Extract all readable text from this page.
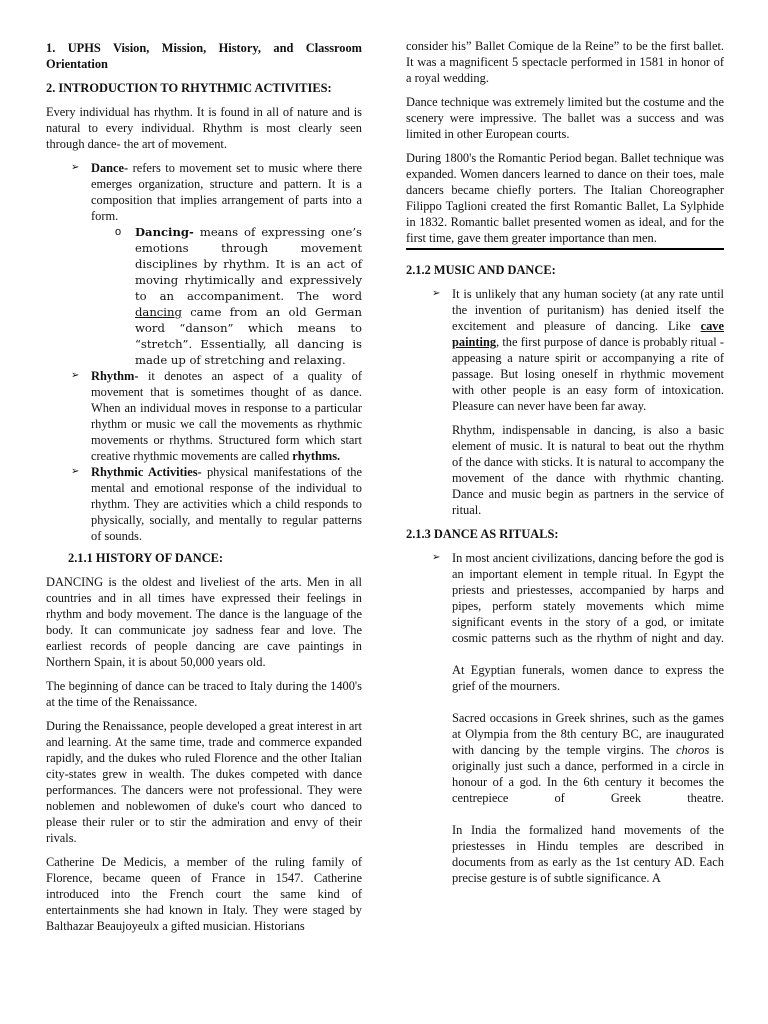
1. UPHS Vision, Mission, History, and Classroom Orientation
2. INTRODUCTION TO RHYTHMIC ACTIVITIES:

Every individual has rhythm. It is found in all of nature and is natural to every individual. Rhythm is most clearly seen through dance- the art of movement.

➢ Dance- refers to movement set to music where there emerges organization, structure and pattern. It is a composition that implies arrangement of parts into a form.
o Dancing- means of expressing one’s emotions through movement disciplines by rhythm. It is an act of moving rhytimically and expressively to an accompaniment. The word dancing came from an old German word “danson” which means to “stretch”. Essentially, all dancing is made up of stretching and relaxing.
➢ Rhythm- it denotes an aspect of a quality of movement that is sometimes thought of as dance. When an individual moves in response to a particular rhythm or music we call the movements as rhythmic movements or rhythms. Structured form which start creative rhythmic movements are called rhythms.
➢ Rhythmic Activities- physical manifestations of the mental and emotional response of the individual to rhythm. They are activities which a child responds to physically, socially, and mentally to regular patterns of sounds.
2.1.1 HISTORY OF DANCE:

DANCING is the oldest and liveliest of the arts. Men in all countries and in all times have expressed their feelings in rhythm and body movement. The dance is the language of the body. It can communicate joy sadness fear and love. The earliest records of people dancing are cave paintings in Northern Spain, it is about 50,000 years old.

The beginning of dance can be traced to Italy during the 1400's at the time of the Renaissance.

During the Renaissance, people developed a great interest in art and learning. At the same time, trade and commerce expanded rapidly, and the dukes who ruled Florence and the other Italian city-states grew in wealth. The dukes competed with dance performances. The dancers were not professional. They were noblemen and noblewomen of duke's court who danced to please their ruler or to stir the admiration and envy of their rivals.

Catherine De Medicis, a member of the ruling family of Florence, became queen of France in 1547. Catherine introduced into the French court the same kind of entertainments she had known in Italy. They were staged by Balthazar Beaujoyeulx a gifted musician. Historians

consider his” Ballet Comique de la Reine” to be the first ballet. It was a magnificent 5 spectacle performed in 1581 in honor of a royal wedding.

Dance technique was extremely limited but the costume and the scenery were impressive. The ballet was a success and was limited in other European courts.

During 1800's the Romantic Period began. Ballet technique was expanded. Women dancers learned to dance on their toes, male dancers became chiefly porters. The Italian Choreographer Filippo Taglioni created the first Romantic Ballet, La Sylphide in 1832. Romantic ballet presented women as ideal, and for the first time, gave them greater importance than men.

2.1.2 MUSIC AND DANCE:
➢ It is unlikely that any human society (at any rate until the invention of puritanism) has denied itself the excitement and pleasure of dancing. Like cave painting, the first purpose of dance is probably ritual - appeasing a nature spirit or accompanying a rite of passage. But losing oneself in rhythmic movement with other people is an easy form of intoxication. Pleasure can never have been far away.

Rhythm, indispensable in dancing, is also a basic element of music. It is natural to beat out the rhythm of the dance with sticks. It is natural to accompany the movement of the dance with rhythmic chanting. Dance and music begin as partners in the service of ritual.

2.1.3 DANCE AS RITUALS:

➢ In most ancient civilizations, dancing before the god is an important element in temple ritual. In Egypt the priests and priestesses, accompanied by harps and pipes, perform stately movements which mime significant events in the story of a god, or imitate cosmic patterns such as the rhythm of night and day.

At Egyptian funerals, women dance to express the grief of the mourners.

Sacred occasions in Greek shrines, such as the games at Olympia from the 8th century BC, are inaugurated with dancing by the temple virgins. The choros is originally just such a dance, performed in a circle in honour of a god. In the 6th century it becomes the centrepiece of Greek theatre.

In India the formalized hand movements of the priestesses in Hindu temples are described in documents from as early as the 1st century AD. Each precise gesture is of subtle significance. A
